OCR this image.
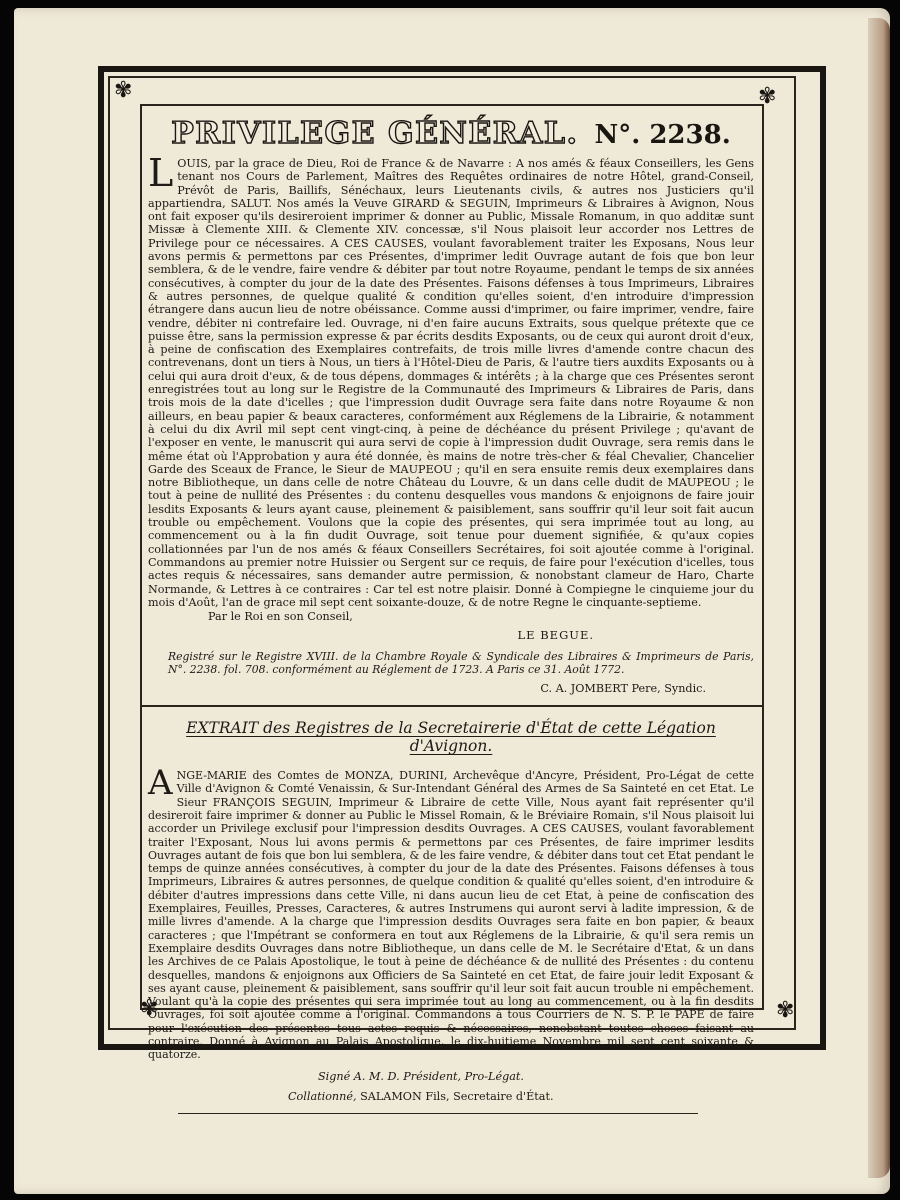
✾	✾
✾	✾
PRIVILEGE GÉNÉRAL. N°. 2238.

LOUIS, par la grace de Dieu, Roi de France & de Navarre : A nos amés & féaux Conseillers, les Gens tenant nos Cours de Parlement, Maîtres des Requêtes ordinaires de notre Hôtel, grand-Conseil, Prévôt de Paris, Baillifs, Sénéchaux, leurs Lieutenants civils, & autres nos Justiciers qu'il appartiendra, SALUT. Nos amés la Veuve GIRARD & SEGUIN, Imprimeurs & Libraires à Avignon, Nous ont fait exposer qu'ils desireroient imprimer & donner au Public, Missale Romanum, in quo additæ sunt Missæ à Clemente XIII. & Clemente XIV. concessæ, s'il Nous plaisoit leur accorder nos Lettres de Privilege pour ce nécessaires. A CES CAUSES, voulant favorablement traiter les Exposans, Nous leur avons permis & permettons par ces Présentes, d'imprimer ledit Ouvrage autant de fois que bon leur semblera, & de le vendre, faire vendre & débiter par tout notre Royaume, pendant le temps de six années consécutives, à compter du jour de la date des Présentes. Faisons défenses à tous Imprimeurs, Libraires & autres personnes, de quelque qualité & condition qu'elles soient, d'en introduire d'impression étrangere dans aucun lieu de notre obéissance. Comme aussi d'imprimer, ou faire imprimer, vendre, faire vendre, débiter ni contrefaire led. Ouvrage, ni d'en faire aucuns Extraits, sous quelque prétexte que ce puisse être, sans la permission expresse & par écrits desdits Exposants, ou de ceux qui auront droit d'eux, à peine de confiscation des Exemplaires contrefaits, de trois mille livres d'amende contre chacun des contrevenans, dont un tiers à Nous, un tiers à l'Hôtel-Dieu de Paris, & l'autre tiers auxdits Exposants ou à celui qui aura droit d'eux, & de tous dépens, dommages & intérêts ; à la charge que ces Présentes seront enregistrées tout au long sur le Registre de la Communauté des Imprimeurs & Libraires de Paris, dans trois mois de la date d'icelles ; que l'impression dudit Ouvrage sera faite dans notre Royaume & non ailleurs, en beau papier & beaux caracteres, conformément aux Réglemens de la Librairie, & notamment à celui du dix Avril mil sept cent vingt-cinq, à peine de déchéance du présent Privilege ; qu'avant de l'exposer en vente, le manuscrit qui aura servi de copie à l'impression dudit Ouvrage, sera remis dans le même état où l'Approbation y aura été donnée, ès mains de notre très-cher & féal Chevalier, Chancelier Garde des Sceaux de France, le Sieur de MAUPEOU ; qu'il en sera ensuite remis deux exemplaires dans notre Bibliotheque, un dans celle de notre Château du Louvre, & un dans celle dudit de MAUPEOU ; le tout à peine de nullité des Présentes : du contenu desquelles vous mandons & enjoignons de faire jouir lesdits Exposants & leurs ayant cause, pleinement & paisiblement, sans souffrir qu'il leur soit fait aucun trouble ou empêchement. Voulons que la copie des présentes, qui sera imprimée tout au long, au commencement ou à la fin dudit Ouvrage, soit tenue pour duement signifiée, & qu'aux copies collationnées par l'un de nos amés & féaux Conseillers Secrétaires, foi soit ajoutée comme à l'original. Commandons au premier notre Huissier ou Sergent sur ce requis, de faire pour l'exécution d'icelles, tous actes requis & nécessaires, sans demander autre permission, & nonobstant clameur de Haro, Charte Normande, & Lettres à ce contraires : Car tel est notre plaisir. Donné à Compiegne le cinquieme jour du mois d'Août, l'an de grace mil sept cent soixante-douze, & de notre Regne le cinquante-septieme.

Par le Roi en son Conseil,
LE BEGUE.
Registré sur le Registre XVIII. de la Chambre Royale & Syndicale des Libraires & Imprimeurs de Paris, N°. 2238. fol. 708. conformément au Réglement de 1723. A Paris ce 31. Août 1772.
C. A. JOMBERT Pere, Syndic.
EXTRAIT des Registres de la Secretairerie d'État de cette Légation d'Avignon.

ANGE-MARIE des Comtes de MONZA, DURINI, Archevêque d'Ancyre, Président, Pro-Légat de cette Ville d'Avignon & Comté Venaissin, & Sur-Intendant Général des Armes de Sa Sainteté en cet Etat. Le Sieur FRANÇOIS SEGUIN, Imprimeur & Libraire de cette Ville, Nous ayant fait représenter qu'il desireroit faire imprimer & donner au Public le Missel Romain, & le Bréviaire Romain, s'il Nous plaisoit lui accorder un Privilege exclusif pour l'impression desdits Ouvrages. A CES CAUSES, voulant favorablement traiter l'Exposant, Nous lui avons permis & permettons par ces Présentes, de faire imprimer lesdits Ouvrages autant de fois que bon lui semblera, & de les faire vendre, & débiter dans tout cet Etat pendant le temps de quinze années consécutives, à compter du jour de la date des Présentes. Faisons défenses à tous Imprimeurs, Libraires & autres personnes, de quelque condition & qualité qu'elles soient, d'en introduire & débiter d'autres impressions dans cette Ville, ni dans aucun lieu de cet Etat, à peine de confiscation des Exemplaires, Feuilles, Presses, Caracteres, & autres Instrumens qui auront servi à ladite impression, & de mille livres d'amende. A la charge que l'impression desdits Ouvrages sera faite en bon papier, & beaux caracteres ; que l'Impétrant se conformera en tout aux Réglemens de la Librairie, & qu'il sera remis un Exemplaire desdits Ouvrages dans notre Bibliotheque, un dans celle de M. le Secrétaire d'Etat, & un dans les Archives de ce Palais Apostolique, le tout à peine de déchéance & de nullité des Présentes : du contenu desquelles, mandons & enjoignons aux Officiers de Sa Sainteté en cet Etat, de faire jouir ledit Exposant & ses ayant cause, pleinement & paisiblement, sans souffrir qu'il leur soit fait aucun trouble ni empêchement. Voulant qu'à la copie des présentes qui sera imprimée tout au long au commencement, ou à la fin desdits Ouvrages, foi soit ajoutée comme à l'original. Commandons à tous Courriers de N. S. P. le PAPE de faire pour l'exécution des présentes tous actes requis & nécessaires, nonobstant toutes choses faisant au contraire. Donné à Avignon au Palais Apostolique, le dix-huitieme Novembre mil sept cent soixante & quatorze.

Signé A. M. D. Président, Pro-Légat.
Collationné, SALAMON Fils, Secretaire d'État.
